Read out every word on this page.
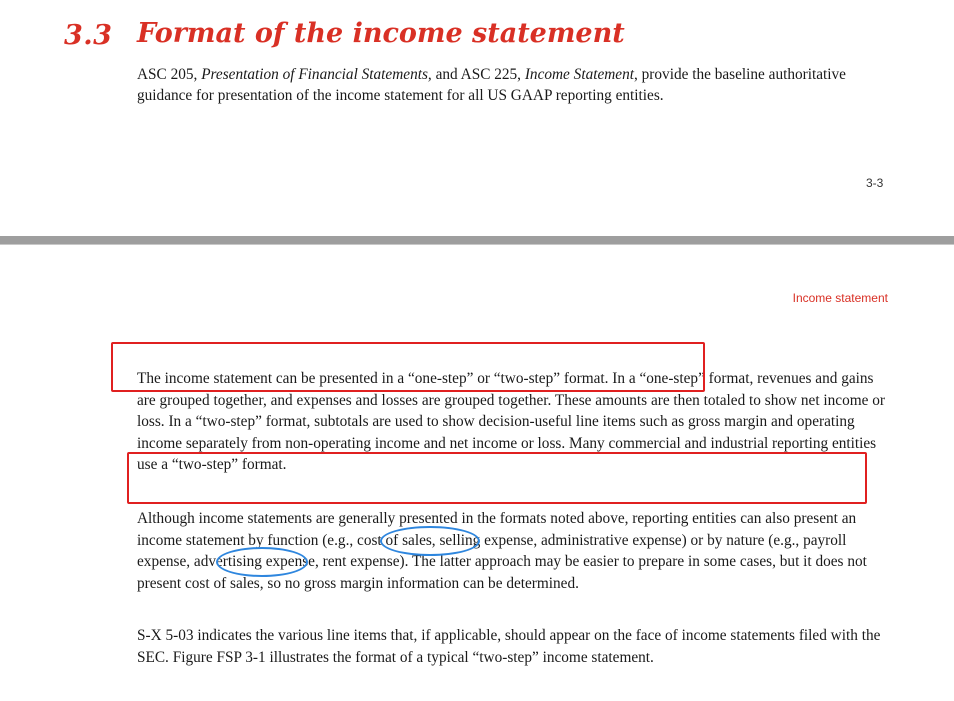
3.3 Format of the income statement
ASC 205, Presentation of Financial Statements, and ASC 225, Income Statement, provide the baseline authoritative guidance for presentation of the income statement for all US GAAP reporting entities.
3-3
Income statement
The income statement can be presented in a “one-step” or “two-step” format. In a “one-step” format, revenues and gains are grouped together, and expenses and losses are grouped together. These amounts are then totaled to show net income or loss. In a “two-step” format, subtotals are used to show decision-useful line items such as gross margin and operating income separately from non-operating income and net income or loss. Many commercial and industrial reporting entities use a “two-step” format.
Although income statements are generally presented in the formats noted above, reporting entities can also present an income statement by function (e.g., cost of sales, selling expense, administrative expense) or by nature (e.g., payroll expense, advertising expense, rent expense). The latter approach may be easier to prepare in some cases, but it does not present cost of sales, so no gross margin information can be determined.
S-X 5-03 indicates the various line items that, if applicable, should appear on the face of income statements filed with the SEC. Figure FSP 3-1 illustrates the format of a typical “two-step” income statement.
